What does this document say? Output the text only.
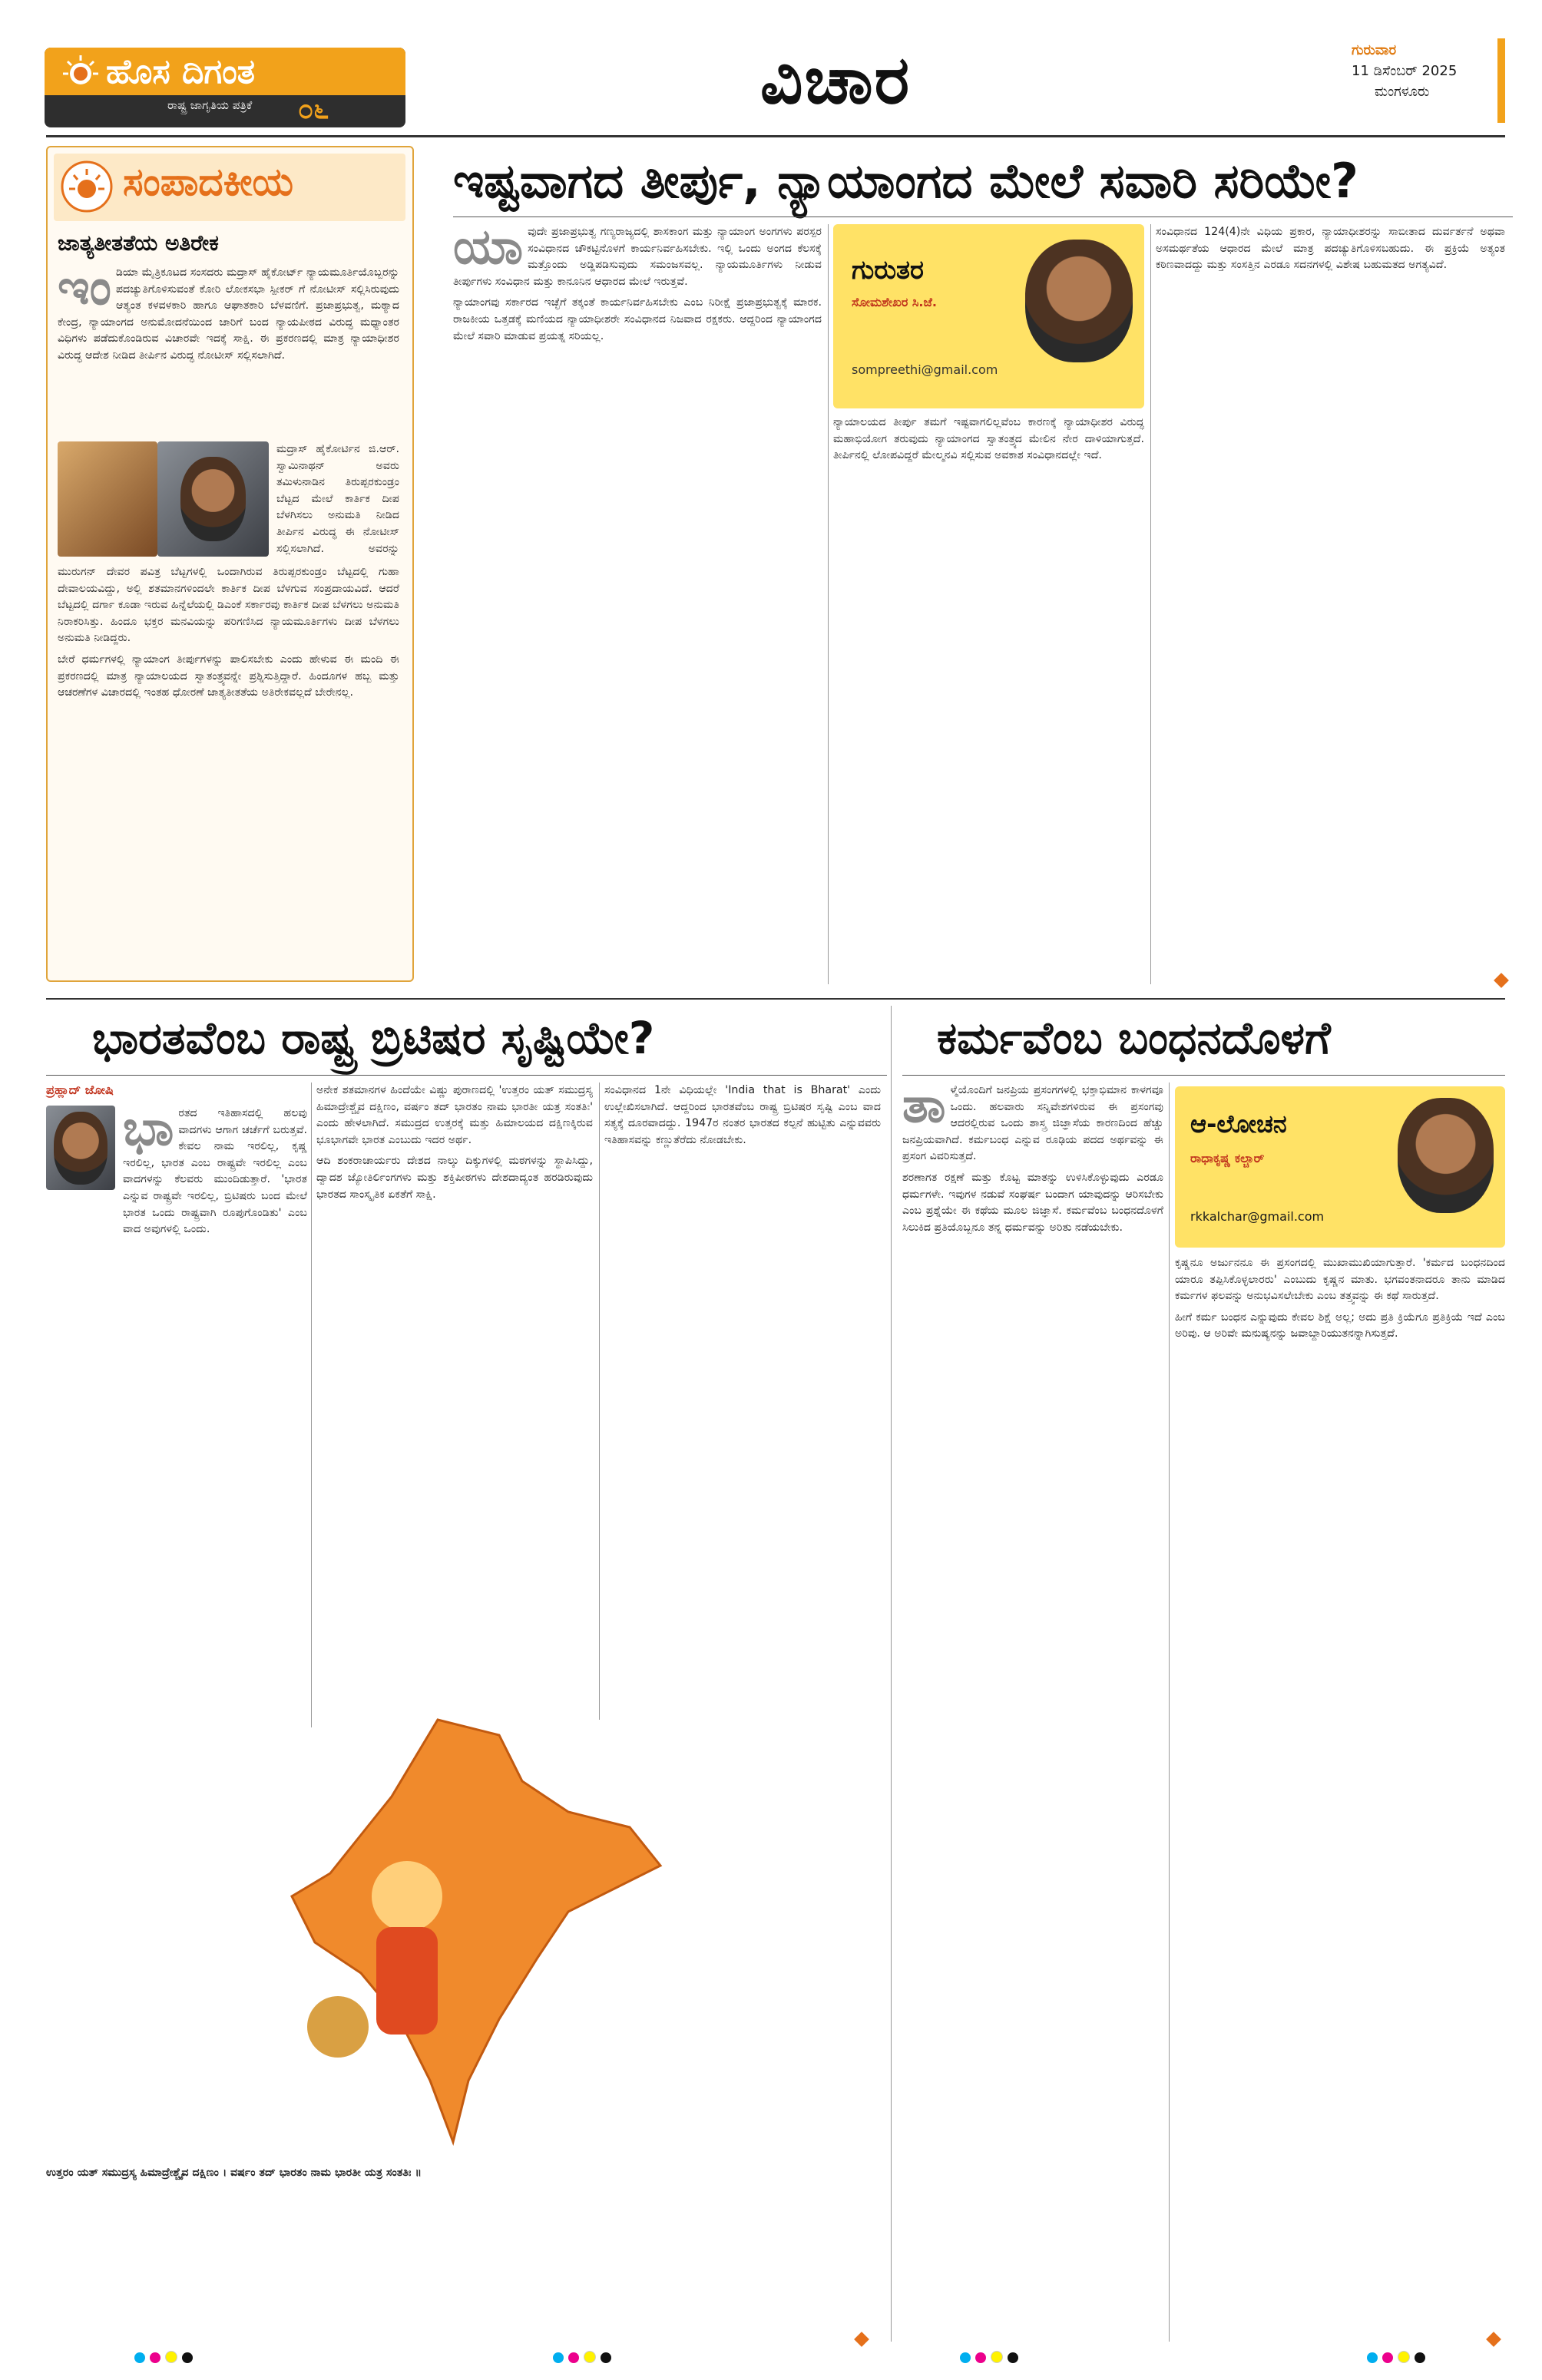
ಹೊಸ ದಿಗಂತ
ರಾಷ್ಟ್ರ ಜಾಗೃತಿಯ ಪತ್ರಿಕೆ ೦೬	ವಿಚಾರ	ಗುರುವಾರ
11 ಡಿಸೆಂಬರ್ 2025
ಮಂಗಳೂರು
ಸಂಪಾದಕೀಯ
ಜಾತ್ಯತೀತತೆಯ ಅತಿರೇಕ
ಇಂ ಡಿಯಾ ಮೈತ್ರಿಕೂಟದ ಸಂಸದರು ಮದ್ರಾಸ್ ಹೈಕೋರ್ಟ್ ನ್ಯಾಯಮೂರ್ತಿಯೊಬ್ಬರನ್ನು ಪದಚ್ಯುತಿಗೊಳಿಸುವಂತೆ ಕೋರಿ ಲೋಕಸಭಾ ಸ್ಪೀಕರ್ ಗೆ ನೋಟೀಸ್ ಸಲ್ಲಿಸಿರುವುದು ಆತ್ಯಂತ ಕಳವಳಕಾರಿ ಹಾಗೂ ಆಘಾತಕಾರಿ ಬೆಳವಣಿಗೆ. ಪ್ರಜಾಪ್ರಭುತ್ವ, ಮಠ್ಯಾದ ಕೇಂದ್ರ, ನ್ಯಾಯಾಂಗದ ಅನುಮೋದನೆಯಿಂದ ಜಾರಿಗೆ ಬಂದ ನ್ಯಾಯಪೀಠದ ವಿರುದ್ಧ ಮಧ್ಯಾಂತರ ವಿಧಿಗಳು ಪಡೆದುಕೊಂಡಿರುವ ವಿಚಾರವೇ ಇದಕ್ಕೆ ಸಾಕ್ಷಿ. ಈ ಪ್ರಕರಣದಲ್ಲಿ ಮಾತ್ರ ನ್ಯಾಯಾಧೀಶರ ವಿರುದ್ಧ ಆದೇಶ ನೀಡಿದ ತೀರ್ಪಿನ ವಿರುದ್ಧ ನೋಟೀಸ್ ಸಲ್ಲಿಸಲಾಗಿದೆ.
ಮದ್ರಾಸ್ ಹೈಕೋರ್ಟಿನ ಜಿ.ಆರ್. ಸ್ವಾಮಿನಾಥನ್ ಅವರು ತಮಿಳುನಾಡಿನ ತಿರುಪ್ಪರಕುಂಡ್ರಂ ಬೆಟ್ಟದ ಮೇಲೆ ಕಾರ್ತಿಕ ದೀಪ ಬೆಳಗಿಸಲು ಅನುಮತಿ ನೀಡಿದ ತೀರ್ಪಿನ ವಿರುದ್ಧ ಈ ನೋಟೀಸ್ ಸಲ್ಲಿಸಲಾಗಿದೆ. ಅವರನ್ನು

ಮುರುಗನ್ ದೇವರ ಪವಿತ್ರ ಬೆಟ್ಟಗಳಲ್ಲಿ ಒಂದಾಗಿರುವ ತಿರುಪ್ಪರಕುಂಡ್ರಂ ಬೆಟ್ಟದಲ್ಲಿ ಗುಹಾ ದೇವಾಲಯವಿದ್ದು, ಅಲ್ಲಿ ಶತಮಾನಗಳಿಂದಲೇ ಕಾರ್ತಿಕ ದೀಪ ಬೆಳಗುವ ಸಂಪ್ರದಾಯವಿದೆ. ಆದರೆ ಬೆಟ್ಟದಲ್ಲಿ ದರ್ಗಾ ಕೂಡಾ ಇರುವ ಹಿನ್ನೆಲೆಯಲ್ಲಿ ಡಿಎಂಕೆ ಸರ್ಕಾರವು ಕಾರ್ತಿಕ ದೀಪ ಬೆಳಗಲು ಅನುಮತಿ ನಿರಾಕರಿಸಿತ್ತು. ಹಿಂದೂ ಭಕ್ತರ ಮನವಿಯನ್ನು ಪರಿಗಣಿಸಿದ ನ್ಯಾಯಮೂರ್ತಿಗಳು ದೀಪ ಬೆಳಗಲು ಅನುಮತಿ ನೀಡಿದ್ದರು.

ಬೇರೆ ಧರ್ಮಗಳಲ್ಲಿ ನ್ಯಾಯಾಂಗ ತೀರ್ಪುಗಳನ್ನು ಪಾಲಿಸಬೇಕು ಎಂದು ಹೇಳುವ ಈ ಮಂದಿ ಈ ಪ್ರಕರಣದಲ್ಲಿ ಮಾತ್ರ ನ್ಯಾಯಾಲಯದ ಸ್ವಾತಂತ್ರ್ಯವನ್ನೇ ಪ್ರಶ್ನಿಸುತ್ತಿದ್ದಾರೆ. ಹಿಂದೂಗಳ ಹಬ್ಬ ಮತ್ತು ಆಚರಣೆಗಳ ವಿಚಾರದಲ್ಲಿ ಇಂತಹ ಧೋರಣೆ ಜಾತ್ಯತೀತತೆಯ ಅತಿರೇಕವಲ್ಲದೆ ಬೇರೇನಲ್ಲ.

ಇಷ್ಟವಾಗದ ತೀರ್ಪು, ನ್ಯಾಯಾಂಗದ ಮೇಲೆ ಸವಾರಿ ಸರಿಯೇ?
ಯಾ ವುದೇ ಪ್ರಜಾಪ್ರಭುತ್ವ ಗಣ್ಯರಾಜ್ಯದಲ್ಲಿ ಶಾಸಕಾಂಗ ಮತ್ತು ನ್ಯಾಯಾಂಗ ಅಂಗಗಳು ಪರಸ್ಪರ ಸಂವಿಧಾನದ ಚೌಕಟ್ಟಿನೊಳಗೆ ಕಾರ್ಯನಿರ್ವಹಿಸಬೇಕು. ಇಲ್ಲಿ ಒಂದು ಅಂಗದ ಕೆಲಸಕ್ಕೆ ಮತ್ತೊಂದು ಅಡ್ಡಿಪಡಿಸುವುದು ಸಮಂಜಸವಲ್ಲ. ನ್ಯಾಯಮೂರ್ತಿಗಳು ನೀಡುವ ತೀರ್ಪುಗಳು ಸಂವಿಧಾನ ಮತ್ತು ಕಾನೂನಿನ ಆಧಾರದ ಮೇಲೆ ಇರುತ್ತವೆ.

ನ್ಯಾಯಾಂಗವು ಸರ್ಕಾರದ ಇಚ್ಛೆಗೆ ತಕ್ಕಂತೆ ಕಾರ್ಯನಿರ್ವಹಿಸಬೇಕು ಎಂಬ ನಿರೀಕ್ಷೆ ಪ್ರಜಾಪ್ರಭುತ್ವಕ್ಕೆ ಮಾರಕ. ರಾಜಕೀಯ ಒತ್ತಡಕ್ಕೆ ಮಣಿಯದ ನ್ಯಾಯಾಧೀಶರೇ ಸಂವಿಧಾನದ ನಿಜವಾದ ರಕ್ಷಕರು. ಆದ್ದರಿಂದ ನ್ಯಾಯಾಂಗದ ಮೇಲೆ ಸವಾರಿ ಮಾಡುವ ಪ್ರಯತ್ನ ಸರಿಯಲ್ಲ.

ಗುರುತರ
ಸೋಮಶೇಖರ ಸಿ.ಜೆ.
sompreethi@gmail.com

ನ್ಯಾಯಾಲಯದ ತೀರ್ಪು ತಮಗೆ ಇಷ್ಟವಾಗಲಿಲ್ಲವೆಂಬ ಕಾರಣಕ್ಕೆ ನ್ಯಾಯಾಧೀಶರ ವಿರುದ್ಧ ಮಹಾಭಿಯೋಗ ತರುವುದು ನ್ಯಾಯಾಂಗದ ಸ್ವಾತಂತ್ರ್ಯದ ಮೇಲಿನ ನೇರ ದಾಳಿಯಾಗುತ್ತದೆ. ತೀರ್ಪಿನಲ್ಲಿ ಲೋಪವಿದ್ದರೆ ಮೇಲ್ಮನವಿ ಸಲ್ಲಿಸುವ ಅವಕಾಶ ಸಂವಿಧಾನದಲ್ಲೇ ಇದೆ.

ಸಂವಿಧಾನದ 124(4)ನೇ ವಿಧಿಯ ಪ್ರಕಾರ, ನ್ಯಾಯಾಧೀಶರನ್ನು ಸಾಬೀತಾದ ದುರ್ವರ್ತನೆ ಅಥವಾ ಅಸಮರ್ಥತೆಯ ಆಧಾರದ ಮೇಲೆ ಮಾತ್ರ ಪದಚ್ಯುತಿಗೊಳಿಸಬಹುದು. ಈ ಪ್ರಕ್ರಿಯೆ ಅತ್ಯಂತ ಕಠಿಣವಾದದ್ದು ಮತ್ತು ಸಂಸತ್ತಿನ ಎರಡೂ ಸದನಗಳಲ್ಲಿ ವಿಶೇಷ ಬಹುಮತದ ಅಗತ್ಯವಿದೆ.

ಭಾರತವೆಂಬ ರಾಷ್ಟ್ರ ಬ್ರಿಟಿಷರ ಸೃಷ್ಟಿಯೇ?
ಪ್ರಹ್ಲಾದ್ ಜೋಷಿ
ಭಾ ರತದ ಇತಿಹಾಸದಲ್ಲಿ ಹಲವು ವಾದಗಳು ಆಗಾಗ ಚರ್ಚೆಗೆ ಬರುತ್ತವೆ. ಕೇವಲ ನಾಮ ಇರಲಿಲ್ಲ, ಕೃಷ್ಣ ಇರಲಿಲ್ಲ, ಭಾರತ ಎಂಬ ರಾಷ್ಟ್ರವೇ ಇರಲಿಲ್ಲ ಎಂಬ ವಾದಗಳನ್ನು ಕೆಲವರು ಮುಂದಿಡುತ್ತಾರೆ. 'ಭಾರತ ಎನ್ನುವ ರಾಷ್ಟ್ರವೇ ಇರಲಿಲ್ಲ, ಬ್ರಿಟಿಷರು ಬಂದ ಮೇಲೆ ಭಾರತ ಒಂದು ರಾಷ್ಟ್ರವಾಗಿ ರೂಪುಗೊಂಡಿತು' ಎಂಬ ವಾದ ಅವುಗಳಲ್ಲಿ ಒಂದು.

ಅನೇಕ ಶತಮಾನಗಳ ಹಿಂದೆಯೇ ವಿಷ್ಣು ಪುರಾಣದಲ್ಲಿ 'ಉತ್ತರಂ ಯತ್ ಸಮುದ್ರಸ್ಯ ಹಿಮಾದ್ರೇಶ್ಚೈವ ದಕ್ಷಿಣಂ, ವರ್ಷಂ ತದ್ ಭಾರತಂ ನಾಮ ಭಾರತೀ ಯತ್ರ ಸಂತತಿಃ' ಎಂದು ಹೇಳಲಾಗಿದೆ. ಸಮುದ್ರದ ಉತ್ತರಕ್ಕೆ ಮತ್ತು ಹಿಮಾಲಯದ ದಕ್ಷಿಣಕ್ಕಿರುವ ಭೂಭಾಗವೇ ಭಾರತ ಎಂಬುದು ಇದರ ಅರ್ಥ.

ಆದಿ ಶಂಕರಾಚಾರ್ಯರು ದೇಶದ ನಾಲ್ಕು ದಿಕ್ಕುಗಳಲ್ಲಿ ಮಠಗಳನ್ನು ಸ್ಥಾಪಿಸಿದ್ದು, ದ್ವಾದಶ ಜ್ಯೋತಿರ್ಲಿಂಗಗಳು ಮತ್ತು ಶಕ್ತಿಪೀಠಗಳು ದೇಶದಾದ್ಯಂತ ಹರಡಿರುವುದು ಭಾರತದ ಸಾಂಸ್ಕೃತಿಕ ಏಕತೆಗೆ ಸಾಕ್ಷಿ.

ಸಂವಿಧಾನದ 1ನೇ ವಿಧಿಯಲ್ಲೇ 'India that is Bharat' ಎಂದು ಉಲ್ಲೇಖಿಸಲಾಗಿದೆ. ಆದ್ದರಿಂದ ಭಾರತವೆಂಬ ರಾಷ್ಟ್ರ ಬ್ರಿಟಿಷರ ಸೃಷ್ಟಿ ಎಂಬ ವಾದ ಸತ್ಯಕ್ಕೆ ದೂರವಾದದ್ದು. 1947ರ ನಂತರ ಭಾರತದ ಕಲ್ಪನೆ ಹುಟ್ಟಿತು ಎನ್ನುವವರು ಇತಿಹಾಸವನ್ನು ಕಣ್ಣುತೆರೆದು ನೋಡಬೇಕು.

ಉತ್ತರಂ ಯತ್ ಸಮುದ್ರಸ್ಯ ಹಿಮಾದ್ರೇಶ್ಚೈವ ದಕ್ಷಿಣಂ । ವರ್ಷಂ ತದ್ ಭಾರತಂ ನಾಮ ಭಾರತೀ ಯತ್ರ ಸಂತತಿಃ ॥

ಕರ್ಮವೆಂಬ ಬಂಧನದೊಳಗೆ
ತಾ ಳ್ಮೆಯೊಂದಿಗೆ ಜನಪ್ರಿಯ ಪ್ರಸಂಗಗಳಲ್ಲಿ ಭಕ್ತಾಭಿಮಾನ ಕಾಳಗವೂ ಒಂದು. ಹಲವಾರು ಸನ್ನಿವೇಶಗಳಿರುವ ಈ ಪ್ರಸಂಗವು ಆದರಲ್ಲಿರುವ ಒಂದು ಶಾಸ್ತ್ರ ಜಿಜ್ಞಾಸೆಯ ಕಾರಣದಿಂದ ಹೆಚ್ಚು ಜನಪ್ರಿಯವಾಗಿದೆ. ಕರ್ಮಬಂಧ ಎನ್ನುವ ರೂಢಿಯ ಪದದ ಅರ್ಥವನ್ನು ಈ ಪ್ರಸಂಗ ವಿವರಿಸುತ್ತದೆ.

ಶರಣಾಗತ ರಕ್ಷಣೆ ಮತ್ತು ಕೊಟ್ಟ ಮಾತನ್ನು ಉಳಿಸಿಕೊಳ್ಳುವುದು ಎರಡೂ ಧರ್ಮಗಳೇ. ಇವುಗಳ ನಡುವೆ ಸಂಘರ್ಷ ಬಂದಾಗ ಯಾವುದನ್ನು ಆರಿಸಬೇಕು ಎಂಬ ಪ್ರಶ್ನೆಯೇ ಈ ಕಥೆಯ ಮೂಲ ಜಿಜ್ಞಾಸೆ. ಕರ್ಮವೆಂಬ ಬಂಧನದೊಳಗೆ ಸಿಲುಕಿದ ಪ್ರತಿಯೊಬ್ಬನೂ ತನ್ನ ಧರ್ಮವನ್ನು ಅರಿತು ನಡೆಯಬೇಕು.

ಆ-ಲೋಚನ
ರಾಧಾಕೃಷ್ಣ ಕಲ್ಚಾರ್
rkkalchar@gmail.com

ಕೃಷ್ಣನೂ ಅರ್ಜುನನೂ ಈ ಪ್ರಸಂಗದಲ್ಲಿ ಮುಖಾಮುಖಿಯಾಗುತ್ತಾರೆ. 'ಕರ್ಮದ ಬಂಧನದಿಂದ ಯಾರೂ ತಪ್ಪಿಸಿಕೊಳ್ಳಲಾರರು' ಎಂಬುದು ಕೃಷ್ಣನ ಮಾತು. ಭಗವಂತನಾದರೂ ತಾನು ಮಾಡಿದ ಕರ್ಮಗಳ ಫಲವನ್ನು ಅನುಭವಿಸಲೇಬೇಕು ಎಂಬ ತತ್ತ್ವವನ್ನು ಈ ಕಥೆ ಸಾರುತ್ತದೆ.

ಹೀಗೆ ಕರ್ಮ ಬಂಧನ ಎನ್ನುವುದು ಕೇವಲ ಶಿಕ್ಷೆ ಅಲ್ಲ; ಅದು ಪ್ರತಿ ಕ್ರಿಯೆಗೂ ಪ್ರತಿಕ್ರಿಯೆ ಇದೆ ಎಂಬ ಅರಿವು. ಆ ಅರಿವೇ ಮನುಷ್ಯನನ್ನು ಜವಾಬ್ದಾರಿಯುತನನ್ನಾಗಿಸುತ್ತದೆ.
